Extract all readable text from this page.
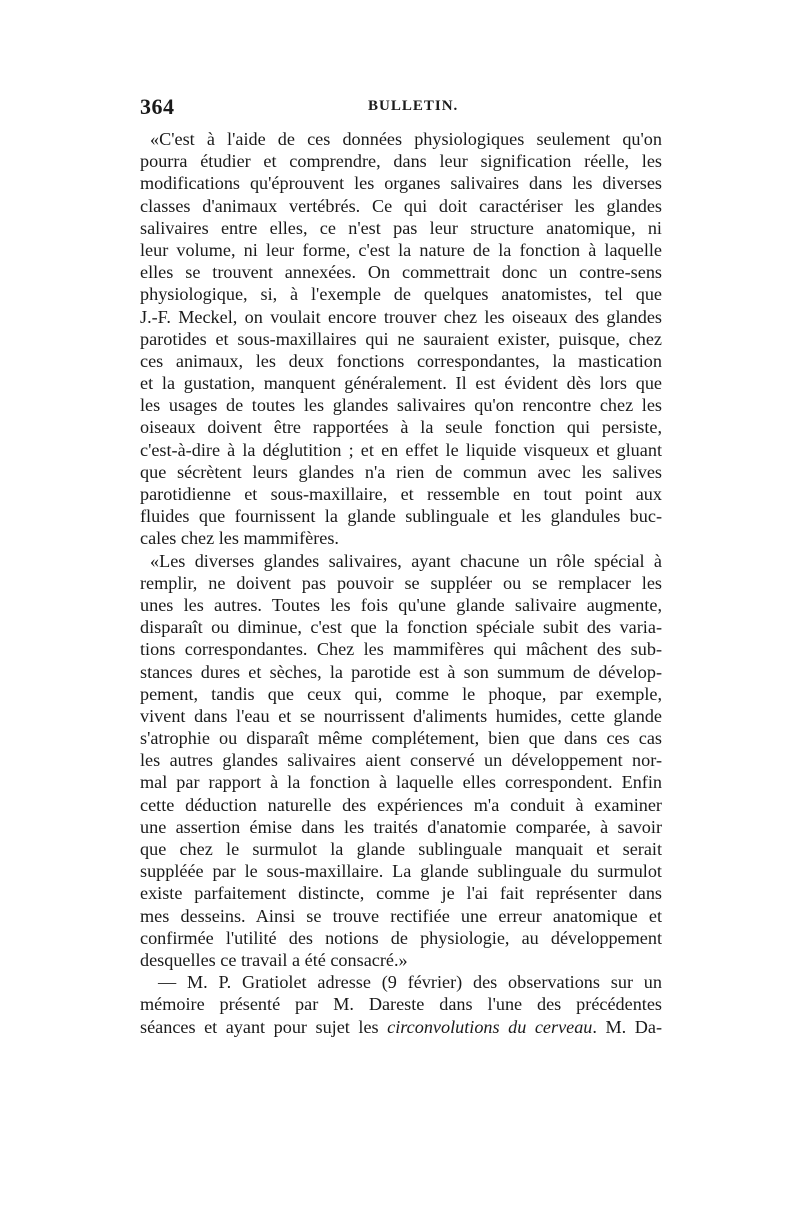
364	BULLETIN.
«C'est à l'aide de ces données physiologiques seulement qu'on
pourra étudier et comprendre, dans leur signification réelle, les
modifications qu'éprouvent les organes salivaires dans les diverses
classes d'animaux vertébrés. Ce qui doit caractériser les glandes
salivaires entre elles, ce n'est pas leur structure anatomique, ni
leur volume, ni leur forme, c'est la nature de la fonction à laquelle
elles se trouvent annexées. On commettrait donc un contre-sens
physiologique, si, à l'exemple de quelques anatomistes, tel que
J.-F. Meckel, on voulait encore trouver chez les oiseaux des glandes
parotides et sous-maxillaires qui ne sauraient exister, puisque, chez
ces animaux, les deux fonctions correspondantes, la mastication
et la gustation, manquent généralement. Il est évident dès lors que
les usages de toutes les glandes salivaires qu'on rencontre chez les
oiseaux doivent être rapportées à la seule fonction qui persiste,
c'est-à-dire à la déglutition ; et en effet le liquide visqueux et gluant
que sécrètent leurs glandes n'a rien de commun avec les salives
parotidienne et sous-maxillaire, et ressemble en tout point aux
fluides que fournissent la glande sublinguale et les glandules buc-
cales chez les mammifères.
«Les diverses glandes salivaires, ayant chacune un rôle spécial à
remplir, ne doivent pas pouvoir se suppléer ou se remplacer les
unes les autres. Toutes les fois qu'une glande salivaire augmente,
disparaît ou diminue, c'est que la fonction spéciale subit des varia-
tions correspondantes. Chez les mammifères qui mâchent des sub-
stances dures et sèches, la parotide est à son summum de dévelop-
pement, tandis que ceux qui, comme le phoque, par exemple,
vivent dans l'eau et se nourrissent d'aliments humides, cette glande
s'atrophie ou disparaît même complétement, bien que dans ces cas
les autres glandes salivaires aient conservé un développement nor-
mal par rapport à la fonction à laquelle elles correspondent. Enfin
cette déduction naturelle des expériences m'a conduit à examiner
une assertion émise dans les traités d'anatomie comparée, à savoir
que chez le surmulot la glande sublinguale manquait et serait
suppléée par le sous-maxillaire. La glande sublinguale du surmulot
existe parfaitement distincte, comme je l'ai fait représenter dans
mes desseins. Ainsi se trouve rectifiée une erreur anatomique et
confirmée l'utilité des notions de physiologie, au développement
desquelles ce travail a été consacré.»
— M. P. Gratiolet adresse (9 février) des observations sur un
mémoire présenté par M. Dareste dans l'une des précédentes
séances et ayant pour sujet les circonvolutions du cerveau. M. Da-
